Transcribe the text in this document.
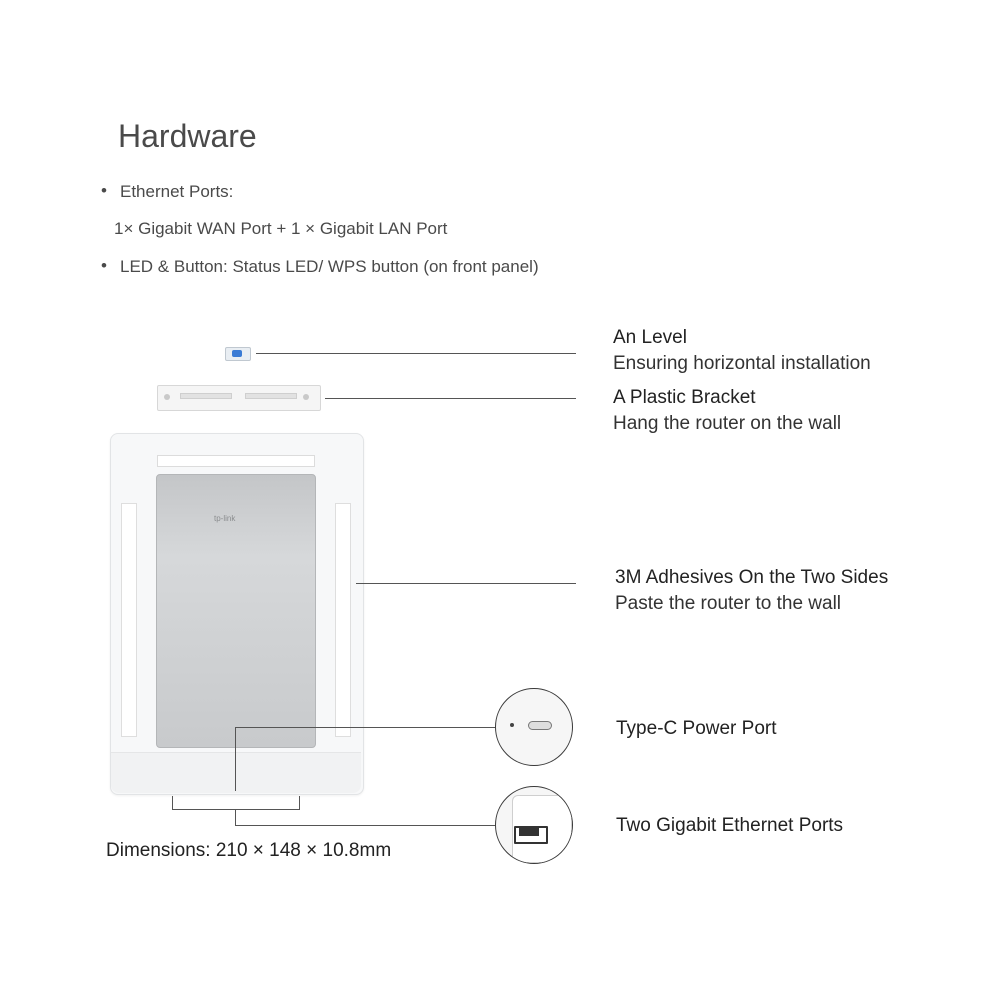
Hardware
• Ethernet Ports:
1× Gigabit WAN Port + 1 × Gigabit LAN Port
• LED & Button: Status LED/ WPS button (on front panel)
tp-link
An Level
Ensuring horizontal installation
A Plastic Bracket
Hang the router on the wall
3M Adhesives On the Two Sides
Paste the router to the wall
Type-C Power Port
Two Gigabit Ethernet Ports
Dimensions: 210 × 148 × 10.8mm
